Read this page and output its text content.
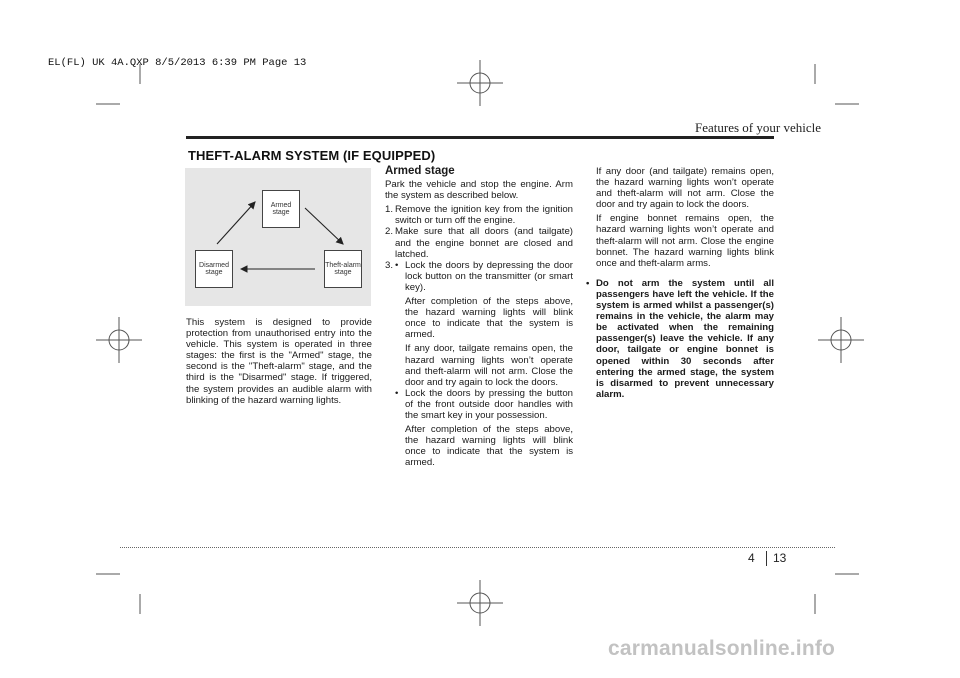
EL(FL) UK 4A.QXP 8/5/2013 6:39 PM Page 13
Features of your vehicle
THEFT-ALARM SYSTEM (IF EQUIPPED)
Armed
stage
Disarmed
stage
Theft-alarm
stage

This system is designed to provide protection from unauthorised entry into the vehicle. This system is operated in three stages: the first is the "Armed" stage, the second is the "Theft-alarm" stage, and the third is the "Disarmed" stage. If triggered, the system provides an audible alarm with blinking of the hazard warning lights.

Armed stage

Park the vehicle and stop the engine. Arm the system as described below.

1. Remove the ignition key from the ignition switch or turn off the engine.
2. Make sure that all doors (and tailgate) and the engine bonnet are closed and latched.
3. • Lock the doors by depressing the door lock button on the transmitter (or smart key).

After completion of the steps above, the hazard warning lights will blink once to indicate that the system is armed.

If any door, tailgate remains open, the hazard warning lights won’t operate and theft-alarm will not arm. Close the door and try again to lock the doors.

• Lock the doors by pressing the button of the front outside door handles with the smart key in your possession.

After completion of the steps above, the hazard warning lights will blink once to indicate that the system is armed.

If any door (and tailgate) remains open, the hazard warning lights won’t operate and theft-alarm will not arm. Close the door and try again to lock the doors.

If engine bonnet remains open, the hazard warning lights won’t operate and theft-alarm will not arm. Close the engine bonnet. The hazard warning lights blink once and theft-alarm arms.

• Do not arm the system until all passengers have left the vehicle. If the system is armed whilst a passenger(s) remains in the vehicle, the alarm may be activated when the remaining passenger(s) leave the vehicle. If any door, tailgate or engine bonnet is opened within 30 seconds after entering the armed stage, the system is disarmed to prevent unnecessary alarm.
4 13
carmanualsonline.info
